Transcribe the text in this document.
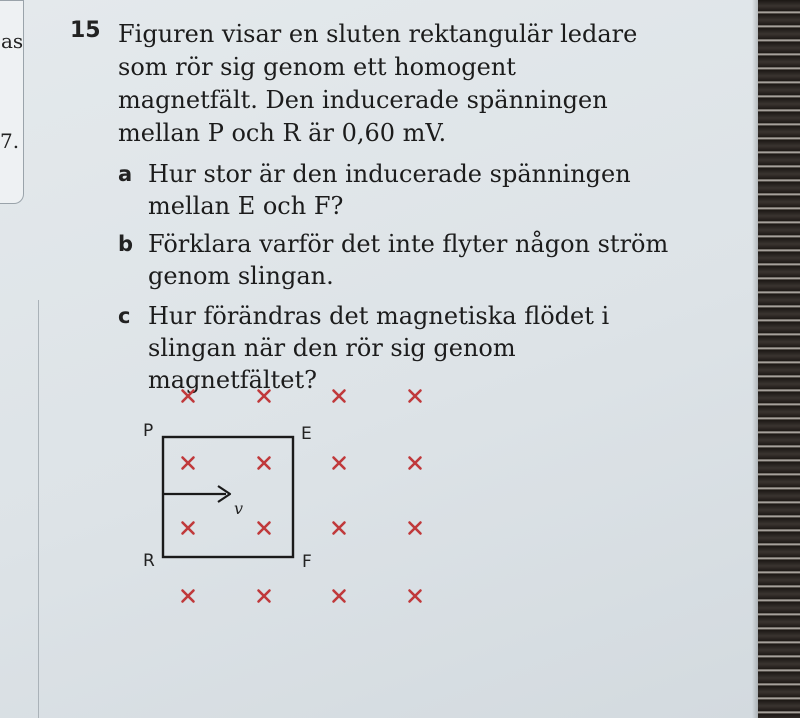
as
7.
15 Figuren visar en sluten rektangulär ledare som rör sig genom ett homogent magnetfält. Den inducerade spänningen mellan P och R är 0,60 mV.

a Hur stor är den inducerade spänningen mellan E och F?
b Förklara varför det inte flyter någon ström genom slingan.
c Hur förändras det magnetiska flödet i slingan när den rör sig genom magnetfältet?
v
P	E
R	F
